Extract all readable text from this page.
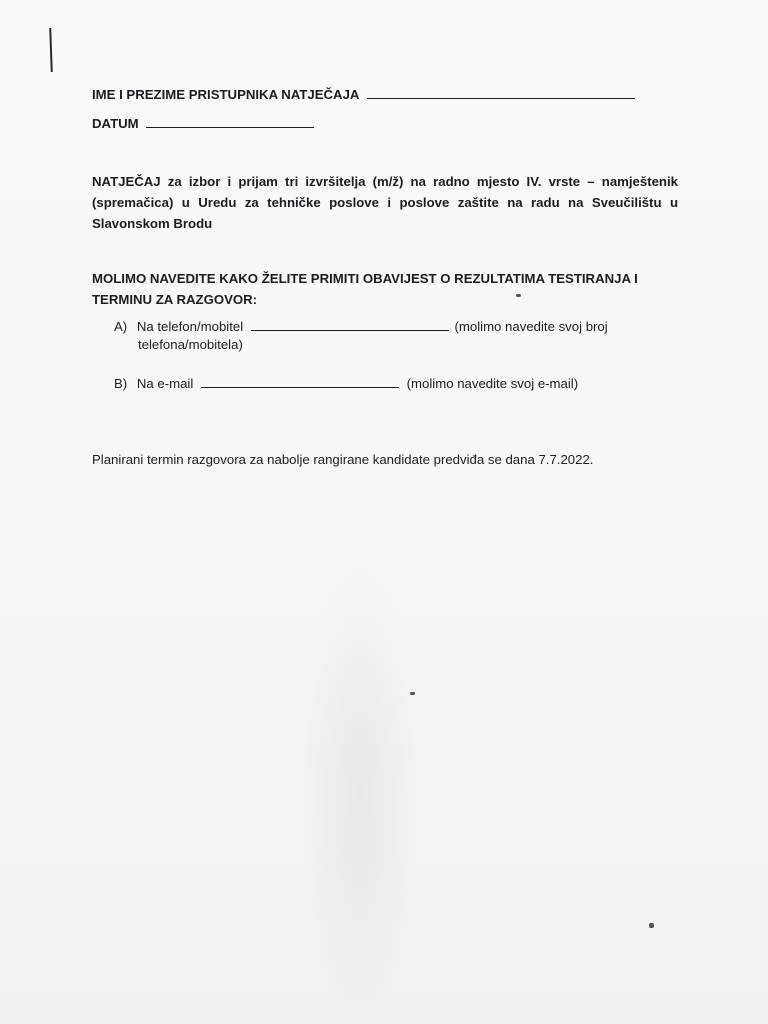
IME I PREZIME PRISTUPNIKA NATJEČAJA
DATUM
NATJEČAJ za izbor i prijam tri izvršitelja (m/ž) na radno mjesto IV. vrste – namještenik (spremačica) u Uredu za tehničke poslove i poslove zaštite na radu na Sveučilištu u Slavonskom Brodu
MOLIMO NAVEDITE KAKO ŽELITE PRIMITI OBAVIJEST O REZULTATIMA TESTIRANJA I TERMINU ZA RAZGOVOR:
A) Na telefon/mobitel	(molimo navedite svoj broj
telefona/mobitela)
B) Na e-mail	(molimo navedite svoj e-mail)
Planirani termin razgovora za nabolje rangirane kandidate predviđa se dana 7.7.2022.
